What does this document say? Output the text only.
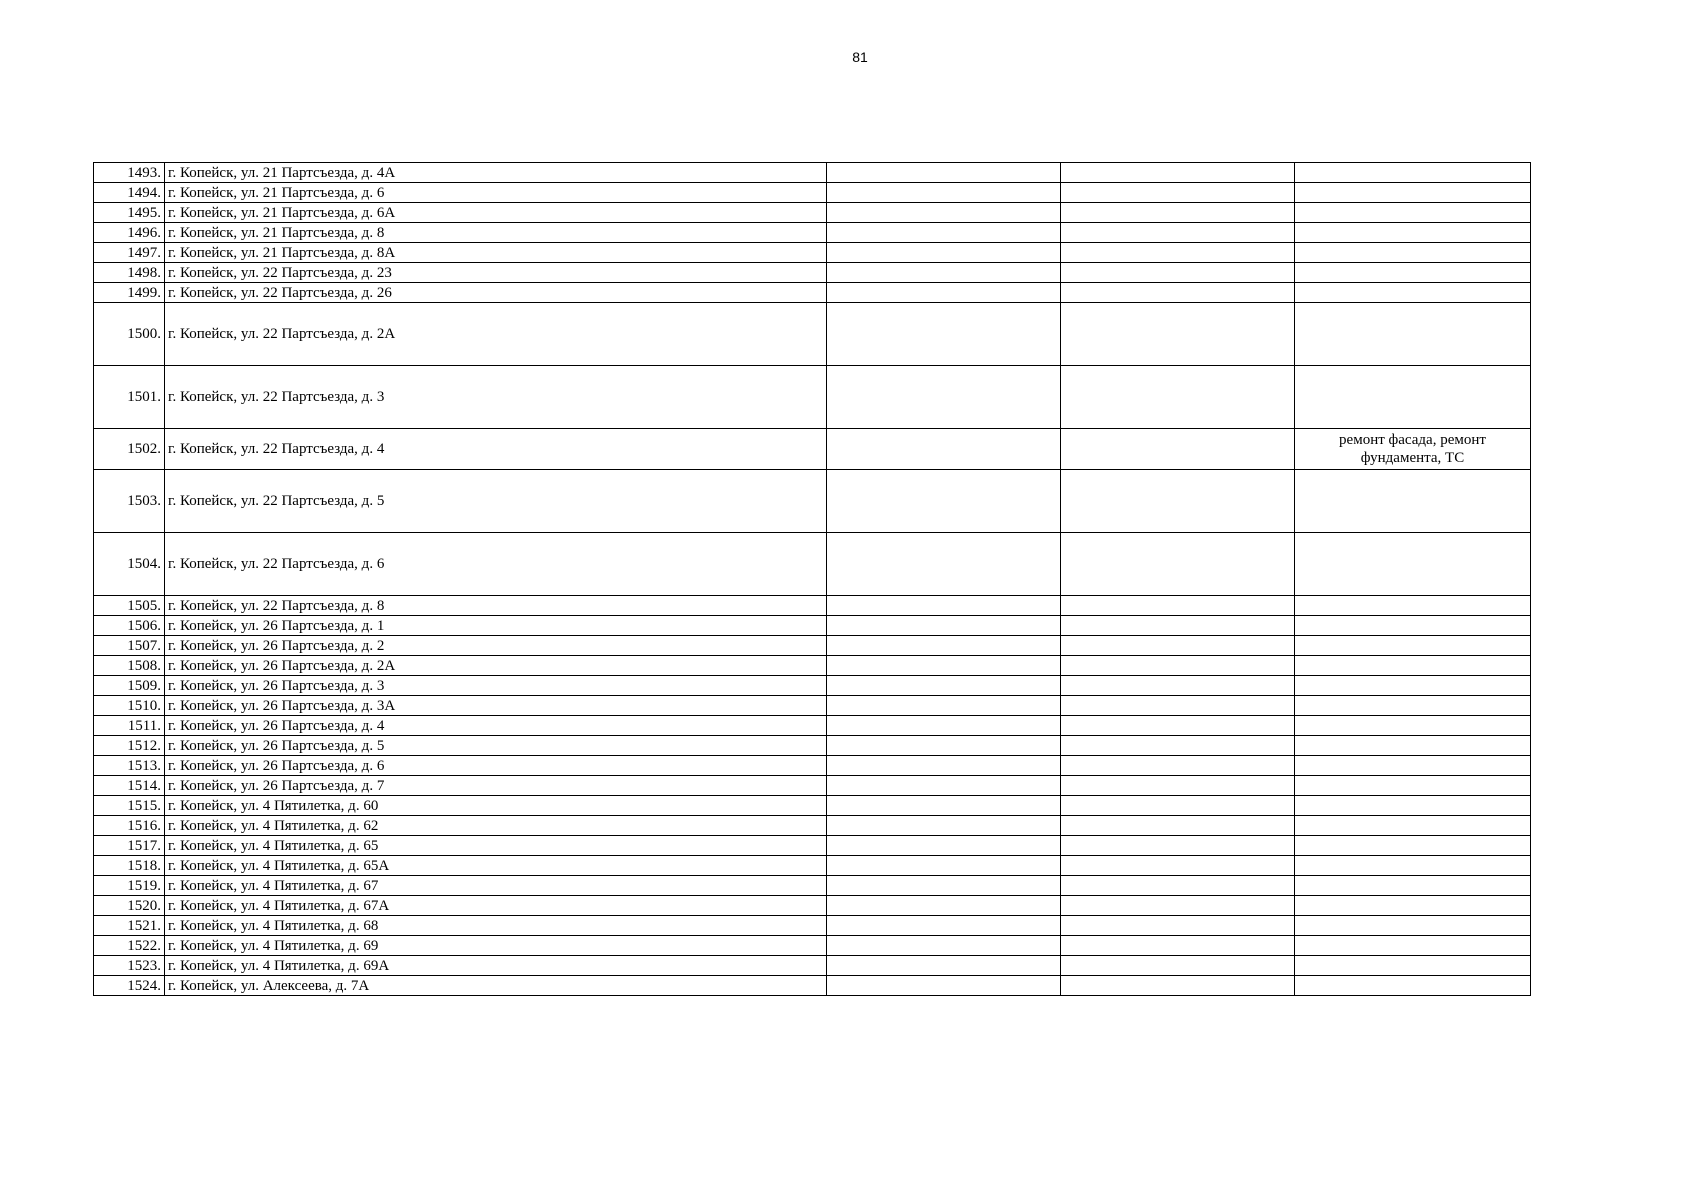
81
1493.	г. Копейск, ул. 21 Партсъезда, д. 4А			
1494.	г. Копейск, ул. 21 Партсъезда, д. 6			
1495.	г. Копейск, ул. 21 Партсъезда, д. 6А			
1496.	г. Копейск, ул. 21 Партсъезда, д. 8			
1497.	г. Копейск, ул. 21 Партсъезда, д. 8А			
1498.	г. Копейск, ул. 22 Партсъезда, д. 23			
1499.	г. Копейск, ул. 22 Партсъезда, д. 26			
1500.	г. Копейск, ул. 22 Партсъезда, д. 2А			
1501.	г. Копейск, ул. 22 Партсъезда, д. 3			
1502.	г. Копейск, ул. 22 Партсъезда, д. 4			ремонт фасада, ремонт фундамента, ТС
1503.	г. Копейск, ул. 22 Партсъезда, д. 5			
1504.	г. Копейск, ул. 22 Партсъезда, д. 6			
1505.	г. Копейск, ул. 22 Партсъезда, д. 8			
1506.	г. Копейск, ул. 26 Партсъезда, д. 1			
1507.	г. Копейск, ул. 26 Партсъезда, д. 2			
1508.	г. Копейск, ул. 26 Партсъезда, д. 2А			
1509.	г. Копейск, ул. 26 Партсъезда, д. 3			
1510.	г. Копейск, ул. 26 Партсъезда, д. 3А			
1511.	г. Копейск, ул. 26 Партсъезда, д. 4			
1512.	г. Копейск, ул. 26 Партсъезда, д. 5			
1513.	г. Копейск, ул. 26 Партсъезда, д. 6			
1514.	г. Копейск, ул. 26 Партсъезда, д. 7			
1515.	г. Копейск, ул. 4 Пятилетка, д. 60			
1516.	г. Копейск, ул. 4 Пятилетка, д. 62			
1517.	г. Копейск, ул. 4 Пятилетка, д. 65			
1518.	г. Копейск, ул. 4 Пятилетка, д. 65А			
1519.	г. Копейск, ул. 4 Пятилетка, д. 67			
1520.	г. Копейск, ул. 4 Пятилетка, д. 67А			
1521.	г. Копейск, ул. 4 Пятилетка, д. 68			
1522.	г. Копейск, ул. 4 Пятилетка, д. 69			
1523.	г. Копейск, ул. 4 Пятилетка, д. 69А			
1524.	г. Копейск, ул. Алексеева, д. 7А			
